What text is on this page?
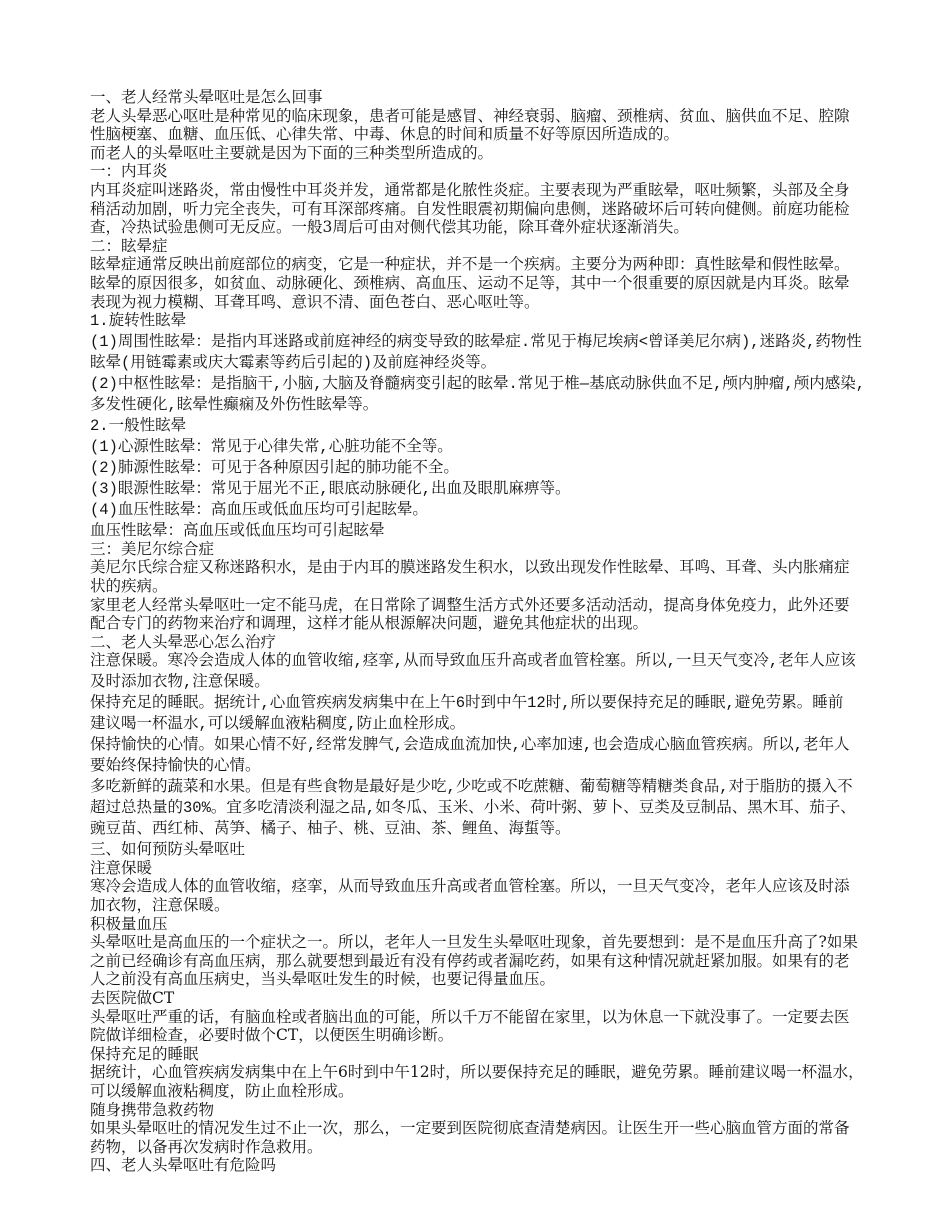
一、老人经常头晕呕吐是怎么回事

老人头晕恶心呕吐是种常见的临床现象，患者可能是感冒、神经衰弱、脑瘤、颈椎病、贫血、脑供血不足、腔隙
性脑梗塞、血糖、血压低、心律失常、中毒、休息的时间和质量不好等原因所造成的。

而老人的头晕呕吐主要就是因为下面的三种类型所造成的。
一：内耳炎

内耳炎症叫迷路炎，常由慢性中耳炎并发，通常都是化脓性炎症。主要表现为严重眩晕，呕吐频繁，头部及全身
稍活动加剧，听力完全丧失，可有耳深部疼痛。自发性眼震初期偏向患侧，迷路破坏后可转向健侧。前庭功能检
查，冷热试验患侧可无反应。一般3周后可由对侧代偿其功能，除耳聋外症状逐渐消失。

二：眩晕症

眩晕症通常反映出前庭部位的病变，它是一种症状，并不是一个疾病。主要分为两种即：真性眩晕和假性眩晕。
眩晕的原因很多，如贫血、动脉硬化、颈椎病、高血压、运动不足等，其中一个很重要的原因就是内耳炎。眩晕
表现为视力模糊、耳聋耳鸣、意识不清、面色苍白、恶心呕吐等。

1.旋转性眩晕
(1)周围性眩晕：是指内耳迷路或前庭神经的病变导致的眩晕症.常见于梅尼埃病<曾译美尼尔病),迷路炎,药物性
眩晕(用链霉素或庆大霉素等药后引起的)及前庭神经炎等。
(2)中枢性眩晕：是指脑干,小脑,大脑及脊髓病变引起的眩晕.常见于椎—基底动脉供血不足,颅内肿瘤,颅内感染,
多发性硬化,眩晕性癫痫及外伤性眩晕等。
2.一般性眩晕
(1)心源性眩晕：常见于心律失常,心脏功能不全等。
(2)肺源性眩晕：可见于各种原因引起的肺功能不全。
(3)眼源性眩晕：常见于屈光不正,眼底动脉硬化,出血及眼肌麻痹等。
(4)血压性眩晕：高血压或低血压均可引起眩晕。
血压性眩晕：高血压或低血压均可引起眩晕
三：美尼尔综合症

美尼尔氏综合症又称迷路积水，是由于内耳的膜迷路发生积水，以致出现发作性眩晕、耳鸣、耳聋、头内胀痛症
状的疾病。

家里老人经常头晕呕吐一定不能马虎，在日常除了调整生活方式外还要多活动活动，提高身体免疫力，此外还要
配合专门的药物来治疗和调理，这样才能从根源解决问题，避免其他症状的出现。

二、老人头晕恶心怎么治疗
注意保暖。寒冷会造成人体的血管收缩,痉挛,从而导致血压升高或者血管栓塞。所以,一旦天气变冷,老年人应该
及时添加衣物,注意保暖。
保持充足的睡眠。据统计,心血管疾病发病集中在上午6时到中午12时,所以要保持充足的睡眠,避免劳累。睡前
建议喝一杯温水,可以缓解血液粘稠度,防止血栓形成。
保持愉快的心情。如果心情不好,经常发脾气,会造成血流加快,心率加速,也会造成心脑血管疾病。所以,老年人
要始终保持愉快的心情。
多吃新鲜的蔬菜和水果。但是有些食物是最好是少吃,少吃或不吃蔗糖、葡萄糖等精糖类食品,对于脂肪的摄入不
超过总热量的30%。宜多吃清淡利湿之品,如冬瓜、玉米、小米、荷叶粥、萝卜、豆类及豆制品、黑木耳、茄子、
豌豆苗、西红柿、莴笋、橘子、柚子、桃、豆油、茶、鲤鱼、海蜇等。
三、如何预防头晕呕吐
注意保暖
寒冷会造成人体的血管收缩，痉挛，从而导致血压升高或者血管栓塞。所以，一旦天气变冷，老年人应该及时添
加衣物，注意保暖。
积极量血压
头晕呕吐是高血压的一个症状之一。所以，老年人一旦发生头晕呕吐现象，首先要想到：是不是血压升高了?如果
之前已经确诊有高血压病，那么就要想到最近有没有停药或者漏吃药，如果有这种情况就赶紧加服。如果有的老
人之前没有高血压病史，当头晕呕吐发生的时候，也要记得量血压。
去医院做CT
头晕呕吐严重的话，有脑血栓或者脑出血的可能，所以千万不能留在家里，以为休息一下就没事了。一定要去医
院做详细检查，必要时做个CT，以便医生明确诊断。
保持充足的睡眠
据统计，心血管疾病发病集中在上午6时到中午12时，所以要保持充足的睡眠，避免劳累。睡前建议喝一杯温水，
可以缓解血液粘稠度，防止血栓形成。
随身携带急救药物
如果头晕呕吐的情况发生过不止一次，那么，一定要到医院彻底查清楚病因。让医生开一些心脑血管方面的常备
药物，以备再次发病时作急救用。
四、老人头晕呕吐有危险吗
